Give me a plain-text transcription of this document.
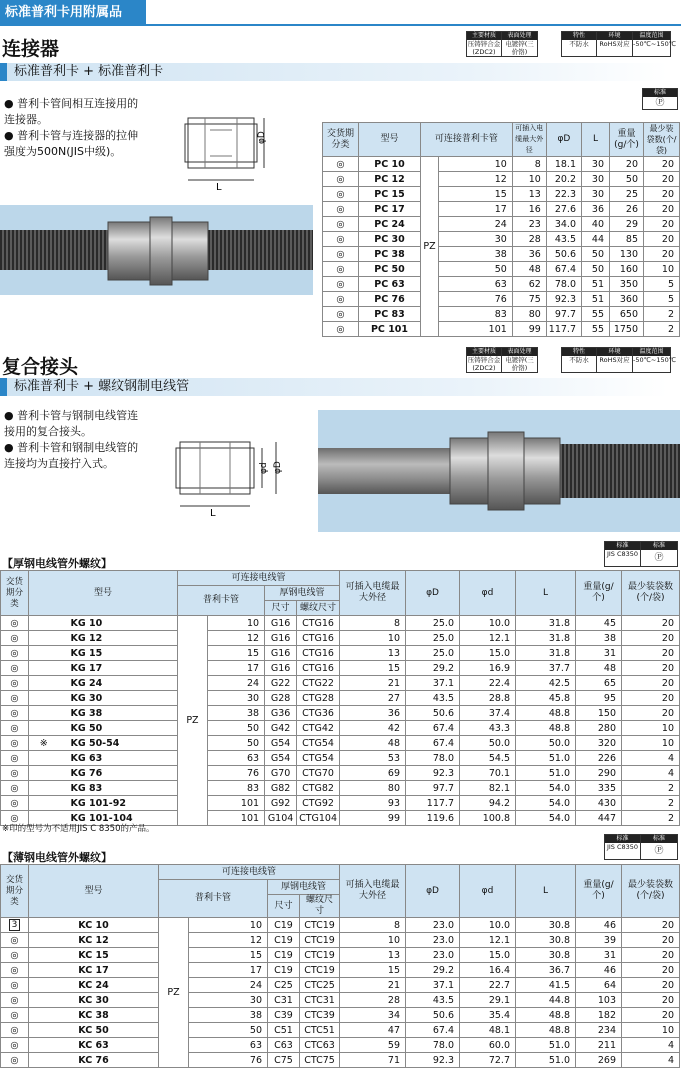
标准普利卡用附属品
连接器
主要材质
压铸锌合金(ZDC2)
表面处理
电镀锌(三价铬)
特性
不防水
环境
RoHS对应
温度范围
-50℃~150℃
标准普利卡 + 标准普利卡
标准
Ⓟ
● 普利卡管间相互连接用的连接器。
● 普利卡管与连接器的拉伸强度为500N(JIS中级)。
L
φD	交货期分类	型号	可连接普利卡管		可插入电缆最大外径	φD	L	重量(g/个)	最少装袋数(个/袋)
◎	PC 10	PZ	10	8	18.1	30	20	20
◎	PC 12		12	10	20.2	30	50	20
◎	PC 15		15	13	22.3	30	25	20
◎	PC 17		17	16	27.6	36	26	20
◎	PC 24		24	23	34.0	40	29	20
◎	PC 30		30	28	43.5	44	85	20
◎	PC 38		38	36	50.6	50	130	20
◎	PC 50		50	48	67.4	50	160	10
◎	PC 63		63	62	78.0	51	350	5
◎	PC 76		76	75	92.3	51	360	5
◎	PC 83		83	80	97.7	55	650	2
◎	PC 101		101	99	117.7	55	1750	2
复合接头
主要材质
压铸锌合金(ZDC2)
表面处理
电镀锌(三价铬)
特性
不防水
环境
RoHS对应
温度范围
-50℃~150℃
标准普利卡 + 螺纹钢制电线管
● 普利卡管与钢制电线管连接用的复合接头。
● 普利卡管和钢制电线管的连接均为直接拧入式。
L
φd φD
【厚钢电线管外螺纹】
标准
JIS C8350
标准
Ⓟ
交货期分类	型号		可连接电线管				可插入电缆最大外径	φD	φd	L	重量(g/个)	最少装袋数(个/袋)
			普利卡管		厚钢电线管							
					尺寸	螺纹尺寸						
◎		KG 10	PZ	10	G16	CTG16	8	25.0	10.0	31.8	45	20
◎		KG 12		12	G16	CTG16	10	25.0	12.1	31.8	38	20
◎		KG 15		15	G16	CTG16	13	25.0	15.0	31.8	31	20
◎		KG 17		17	G16	CTG16	15	29.2	16.9	37.7	48	20
◎		KG 24		24	G22	CTG22	21	37.1	22.4	42.5	65	20
◎		KG 30		30	G28	CTG28	27	43.5	28.8	45.8	95	20
◎		KG 38		38	G36	CTG36	36	50.6	37.4	48.8	150	20
◎		KG 50		50	G42	CTG42	42	67.4	43.3	48.8	280	10
◎	※	KG 50-54		50	G54	CTG54	48	67.4	50.0	50.0	320	10
◎		KG 63		63	G54	CTG54	53	78.0	54.5	51.0	226	4
◎		KG 76		76	G70	CTG70	69	92.3	70.1	51.0	290	4
◎		KG 83		83	G82	CTG82	80	97.7	82.1	54.0	335	2
◎		KG 101-92		101	G92	CTG92	93	117.7	94.2	54.0	430	2
◎		KG 101-104		101	G104	CTG104	99	119.6	100.8	54.0	447	2
※印的型号为不适用JIS C 8350的产品。
【薄钢电线管外螺纹】
标准
JIS C8350
标准
Ⓟ
交货期分类	型号	可连接电线管				可插入电缆最大外径	φD	φd	L	重量(g/个)	最少装袋数(个/袋)
		普利卡管		厚钢电线管							
				尺寸	螺纹尺寸						
3	KC 10	PZ	10	C19	CTC19	8	23.0	10.0	30.8	46	20
◎	KC 12		12	C19	CTC19	10	23.0	12.1	30.8	39	20
◎	KC 15		15	C19	CTC19	13	23.0	15.0	30.8	31	20
◎	KC 17		17	C19	CTC19	15	29.2	16.4	36.7	46	20
◎	KC 24		24	C25	CTC25	21	37.1	22.7	41.5	64	20
◎	KC 30		30	C31	CTC31	28	43.5	29.1	44.8	103	20
◎	KC 38		38	C39	CTC39	34	50.6	35.4	48.8	182	20
◎	KC 50		50	C51	CTC51	47	67.4	48.1	48.8	234	10
◎	KC 63		63	C63	CTC63	59	78.0	60.0	51.0	211	4
◎	KC 76		76	C75	CTC75	71	92.3	72.7	51.0	269	4
